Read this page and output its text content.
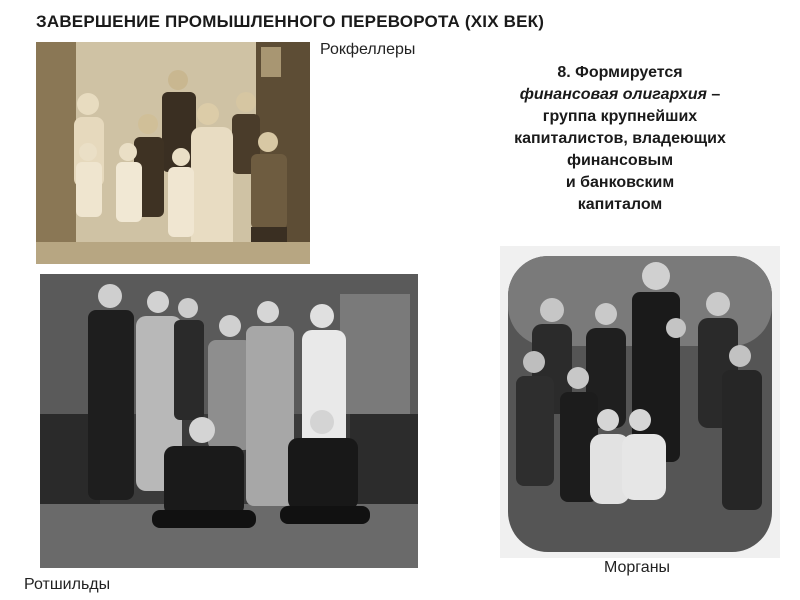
ЗАВЕРШЕНИЕ ПРОМЫШЛЕННОГО ПЕРЕВОРОТА (XIX ВЕК)
Рокфеллеры
8. Формируется
финансовая олигархия –
группа крупнейших
капиталистов, владеющих
финансовым
и банковским
капиталом
Ротшильды
Морганы
